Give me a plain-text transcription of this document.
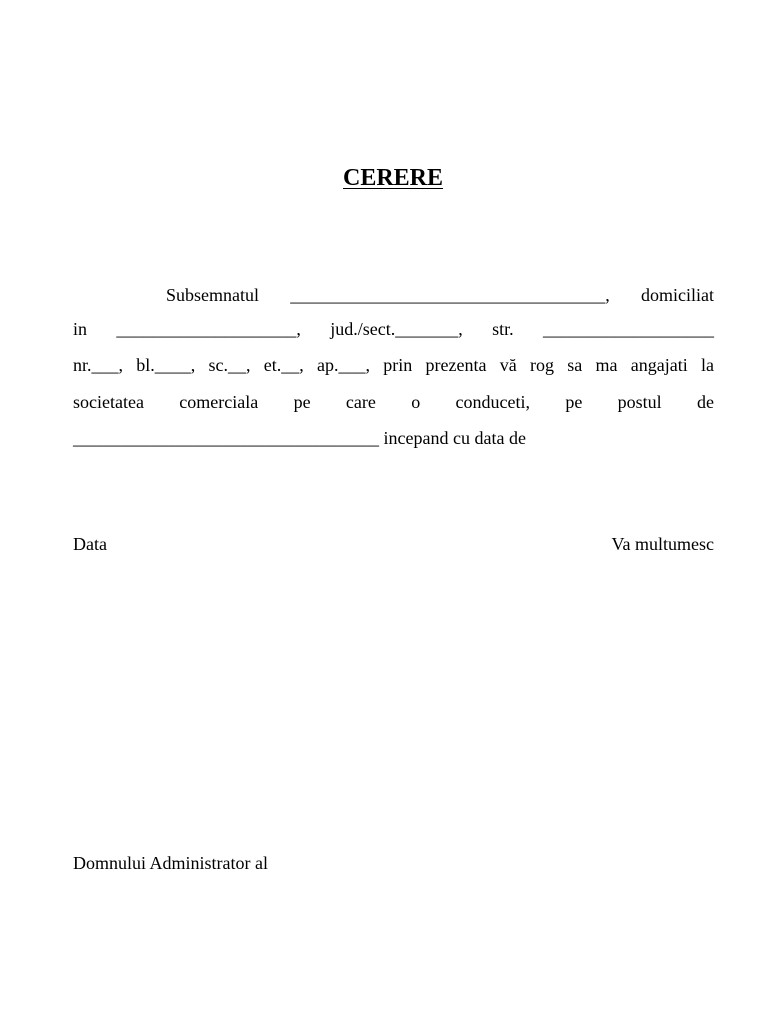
CERERE

Subsemnatul ___________________________________, domiciliat

in ____________________, jud./sect._______, str. ___________________

nr.___, bl.____, sc.__, et.__, ap.___, prin prezenta vă rog sa ma angajati la

societatea comerciala pe care o conduceti, pe postul de

__________________________________ incepand cu data de

Data	Va multumesc

Domnului Administrator al
